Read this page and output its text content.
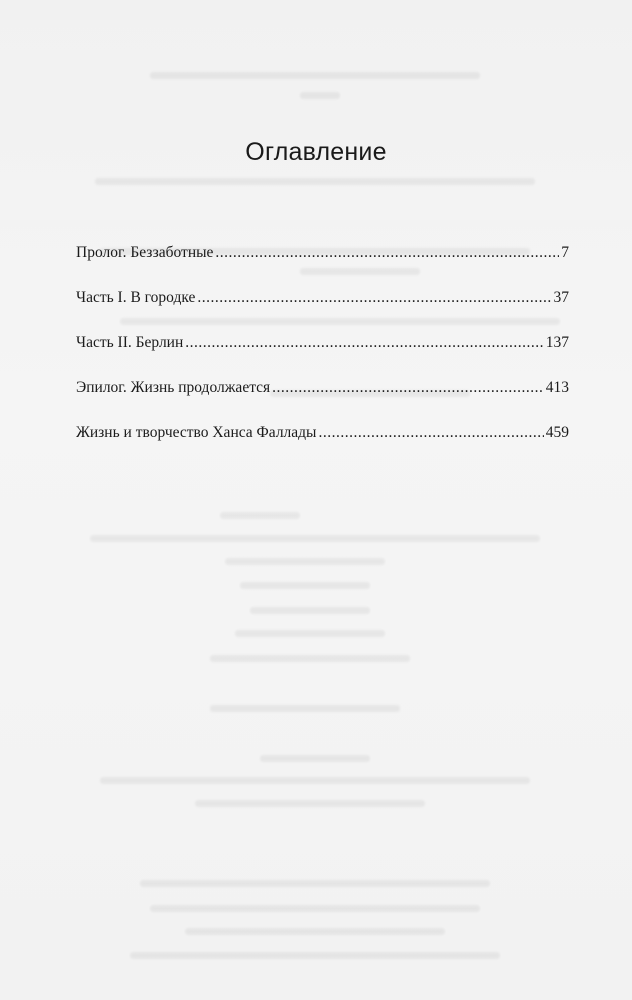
Оглавление
Пролог. Беззаботные .....	7
Часть I. В городке .....	37
Часть II. Берлин .....	137
Эпилог. Жизнь продолжается .....	413
Жизнь и творчество Ханса Фаллады .....	459
